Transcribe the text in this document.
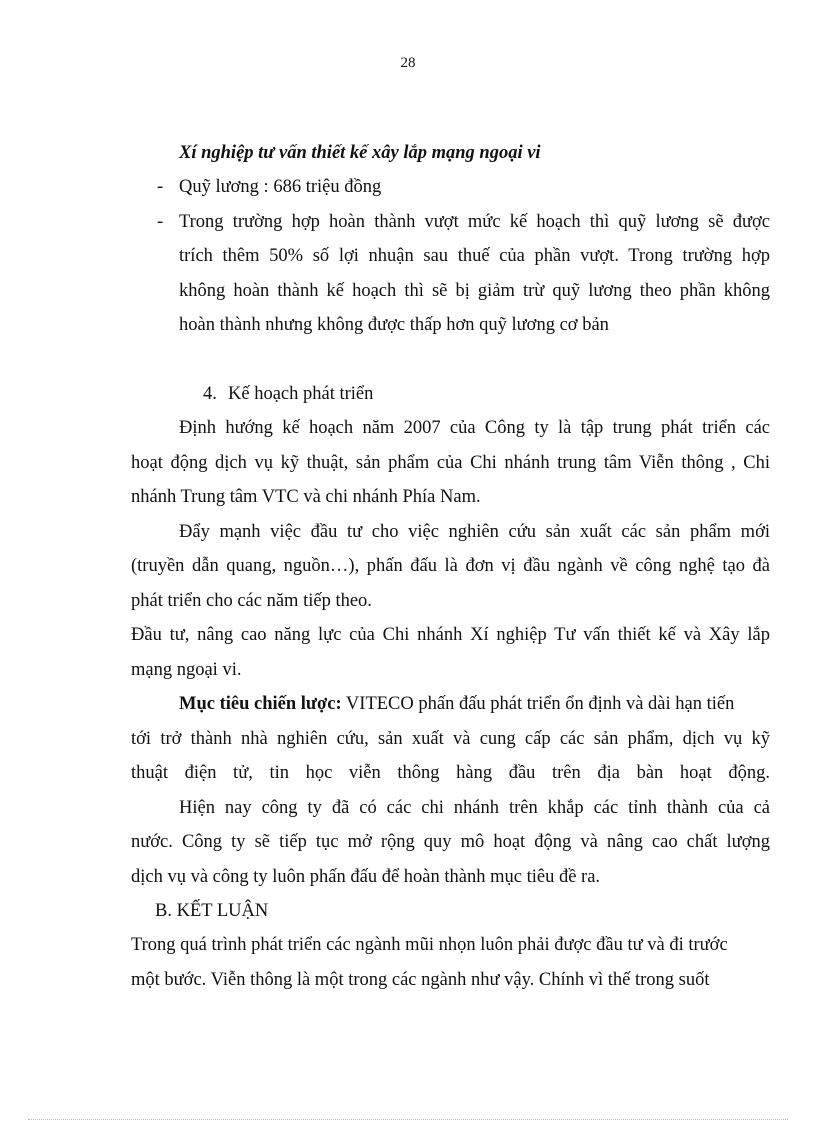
28
Xí nghiệp tư vấn thiết kế xây lắp mạng ngoại vi
- Quỹ lương : 686 triệu đồng
- Trong trường hợp hoàn thành vượt mức kế hoạch thì quỹ lương sẽ được
trích thêm 50% số lợi nhuận sau thuế của phần vượt. Trong trường hợp
không hoàn thành kế hoạch thì sẽ bị giảm trừ quỹ lương theo phần không
hoàn thành nhưng không được thấp hơn quỹ lương cơ bản
4. Kế hoạch phát triển
Định hướng kế hoạch năm 2007 của Công ty là tập trung phát triển các
hoạt động dịch vụ kỹ thuật, sản phẩm của Chi nhánh trung tâm Viễn thông , Chi
nhánh Trung tâm VTC và chi nhánh Phía Nam.
Đẩy mạnh việc đầu tư cho việc nghiên cứu sản xuất các sản phẩm mới
(truyền dẫn quang, nguồn…), phấn đấu là đơn vị đầu ngành về công nghệ tạo đà
phát triển cho các năm tiếp theo.
Đầu tư, nâng cao năng lực của Chi nhánh Xí nghiệp Tư vấn thiết kế và Xây lắp
mạng ngoại vi.
Mục tiêu chiến lược: VITECO phấn đấu phát triển ổn định và dài hạn tiến
tới trở thành nhà nghiên cứu, sản xuất và cung cấp các sản phẩm, dịch vụ kỹ
thuật điện tử, tin học viễn thông hàng đầu trên địa bàn hoạt động.
Hiện nay công ty đã có các chi nhánh trên khắp các tỉnh thành của cả
nước. Công ty sẽ tiếp tục mở rộng quy mô hoạt động và nâng cao chất lượng
dịch vụ và công ty luôn phấn đấu để hoàn thành mục tiêu đề ra.
B. KẾT LUẬN
Trong quá trình phát triển các ngành mũi nhọn luôn phải được đầu tư và đi trước
một bước. Viễn thông là một trong các ngành như vậy. Chính vì thế trong suốt
